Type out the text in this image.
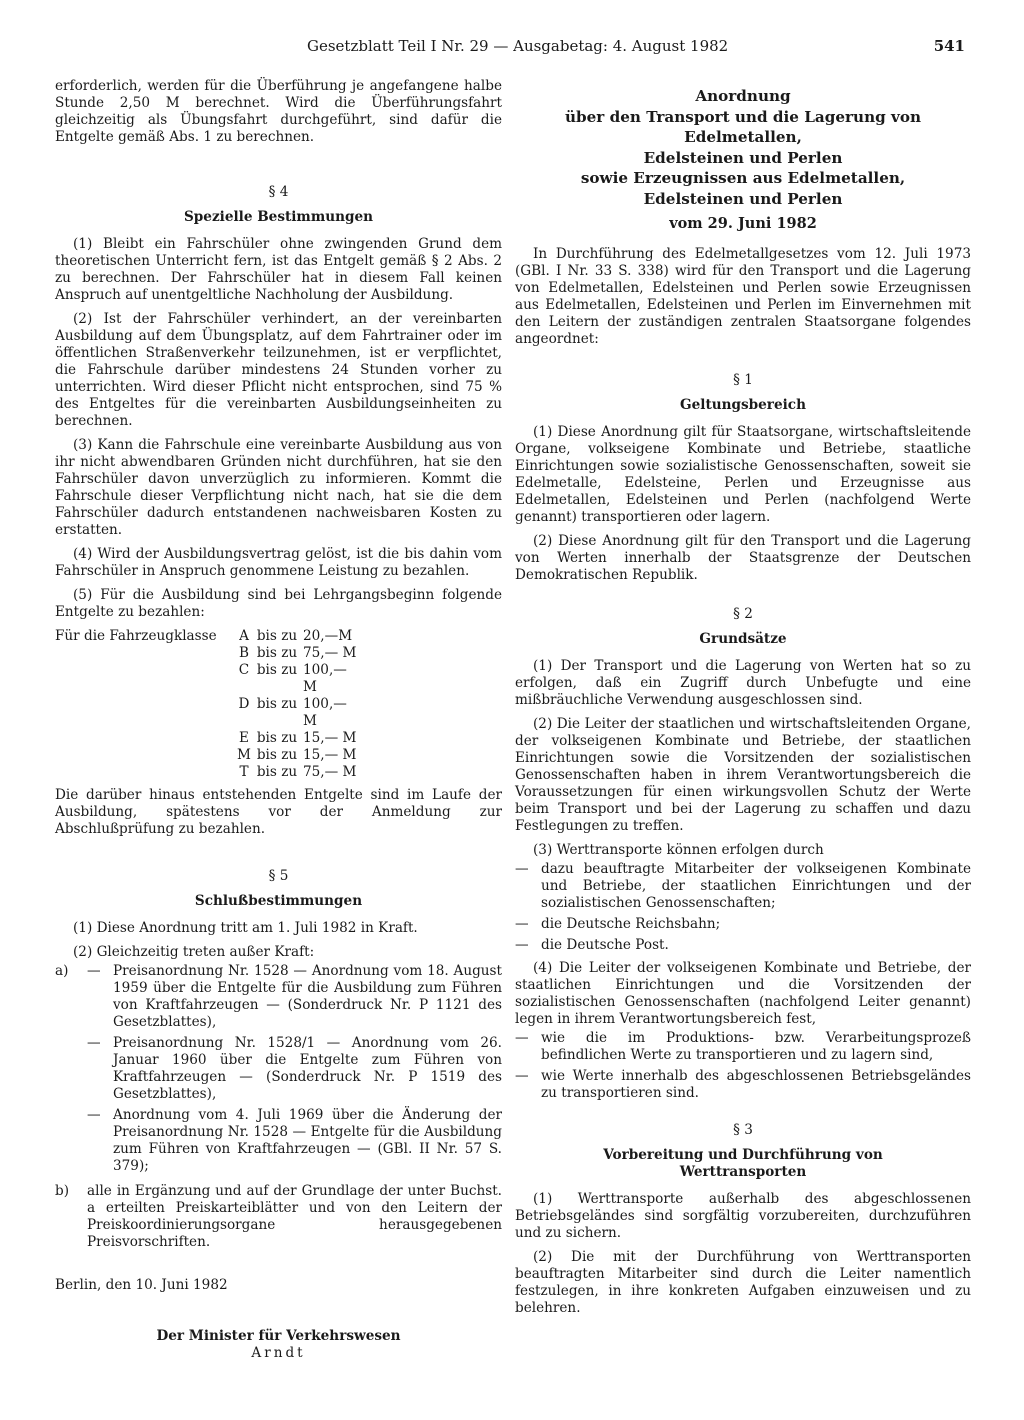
Gesetzblatt Teil I Nr. 29 — Ausgabetag: 4. August 1982	541

erforderlich, werden für die Überführung je angefangene halbe Stunde 2,50 M berechnet. Wird die Überführungsfahrt gleichzeitig als Übungsfahrt durchgeführt, sind dafür die Entgelte gemäß Abs. 1 zu berechnen.

§ 4
Spezielle Bestimmungen

(1) Bleibt ein Fahrschüler ohne zwingenden Grund dem theoretischen Unterricht fern, ist das Entgelt gemäß § 2 Abs. 2 zu berechnen. Der Fahrschüler hat in diesem Fall keinen Anspruch auf unentgeltliche Nachholung der Ausbildung.

(2) Ist der Fahrschüler verhindert, an der vereinbarten Ausbildung auf dem Übungsplatz, auf dem Fahrtrainer oder im öffentlichen Straßenverkehr teilzunehmen, ist er verpflichtet, die Fahrschule darüber mindestens 24 Stunden vorher zu unterrichten. Wird dieser Pflicht nicht entsprochen, sind 75 % des Entgeltes für die vereinbarten Ausbildungseinheiten zu berechnen.

(3) Kann die Fahrschule eine vereinbarte Ausbildung aus von ihr nicht abwendbaren Gründen nicht durchführen, hat sie den Fahrschüler davon unverzüglich zu informieren. Kommt die Fahrschule dieser Verpflichtung nicht nach, hat sie die dem Fahrschüler dadurch entstandenen nachweisbaren Kosten zu erstatten.

(4) Wird der Ausbildungsvertrag gelöst, ist die bis dahin vom Fahrschüler in Anspruch genommene Leistung zu bezahlen.

(5) Für die Ausbildung sind bei Lehrgangsbeginn folgende Entgelte zu bezahlen:

Für die Fahrzeugklasse	A	bis zu	20,—M
	B	bis zu	75,— M
	C	bis zu	100,— M
	D	bis zu	100,— M
	E	bis zu	15,— M
	M	bis zu	15,— M
	T	bis zu	75,— M

Die darüber hinaus entstehenden Entgelte sind im Laufe der Ausbildung, spätestens vor der Anmeldung zur Abschlußprüfung zu bezahlen.

§ 5
Schlußbestimmungen

(1) Diese Anordnung tritt am 1. Juli 1982 in Kraft.

(2) Gleichzeitig treten außer Kraft:

a)	— Preisanordnung Nr. 1528 — Anordnung vom 18. August 1959 über die Entgelte für die Ausbildung zum Führen von Kraftfahrzeugen — (Sonderdruck Nr. P 1121 des Gesetzblattes),
— Preisanordnung Nr. 1528/1 — Anordnung vom 26. Januar 1960 über die Entgelte zum Führen von Kraftfahrzeugen — (Sonderdruck Nr. P 1519 des Gesetzblattes),
— Anordnung vom 4. Juli 1969 über die Änderung der Preisanordnung Nr. 1528 — Entgelte für die Ausbildung zum Führen von Kraftfahrzeugen — (GBl. II Nr. 57 S. 379);
b)	alle in Ergänzung und auf der Grundlage der unter Buchst. a erteilten Preiskarteiblätter und von den Leitern der Preiskoordinierungsorgane herausgegebenen Preisvorschriften.

Berlin, den 10. Juni 1982

Der Minister für Verkehrswesen
Arndt
Anordnung
über den Transport und die Lagerung von Edelmetallen,
Edelsteinen und Perlen
sowie Erzeugnissen aus Edelmetallen,
Edelsteinen und Perlen
vom 29. Juni 1982

In Durchführung des Edelmetallgesetzes vom 12. Juli 1973 (GBl. I Nr. 33 S. 338) wird für den Transport und die Lagerung von Edelmetallen, Edelsteinen und Perlen sowie Erzeugnissen aus Edelmetallen, Edelsteinen und Perlen im Einvernehmen mit den Leitern der zuständigen zentralen Staatsorgane folgendes angeordnet:

§ 1
Geltungsbereich

(1) Diese Anordnung gilt für Staatsorgane, wirtschaftsleitende Organe, volkseigene Kombinate und Betriebe, staatliche Einrichtungen sowie sozialistische Genossenschaften, soweit sie Edelmetalle, Edelsteine, Perlen und Erzeugnisse aus Edelmetallen, Edelsteinen und Perlen (nachfolgend Werte genannt) transportieren oder lagern.

(2) Diese Anordnung gilt für den Transport und die Lagerung von Werten innerhalb der Staatsgrenze der Deutschen Demokratischen Republik.

§ 2
Grundsätze

(1) Der Transport und die Lagerung von Werten hat so zu erfolgen, daß ein Zugriff durch Unbefugte und eine mißbräuchliche Verwendung ausgeschlossen sind.

(2) Die Leiter der staatlichen und wirtschaftsleitenden Organe, der volkseigenen Kombinate und Betriebe, der staatlichen Einrichtungen sowie die Vorsitzenden der sozialistischen Genossenschaften haben in ihrem Verantwortungsbereich die Voraussetzungen für einen wirkungsvollen Schutz der Werte beim Transport und bei der Lagerung zu schaffen und dazu Festlegungen zu treffen.

(3) Werttransporte können erfolgen durch

— dazu beauftragte Mitarbeiter der volkseigenen Kombinate und Betriebe, der staatlichen Einrichtungen und der sozialistischen Genossenschaften;
— die Deutsche Reichsbahn;
— die Deutsche Post.

(4) Die Leiter der volkseigenen Kombinate und Betriebe, der staatlichen Einrichtungen und die Vorsitzenden der sozialistischen Genossenschaften (nachfolgend Leiter genannt) legen in ihrem Verantwortungsbereich fest,

— wie die im Produktions- bzw. Verarbeitungsprozeß befindlichen Werte zu transportieren und zu lagern sind,
— wie Werte innerhalb des abgeschlossenen Betriebsgeländes zu transportieren sind.
§ 3
Vorbereitung und Durchführung von
Werttransporten

(1) Werttransporte außerhalb des abgeschlossenen Betriebsgeländes sind sorgfältig vorzubereiten, durchzuführen und zu sichern.

(2) Die mit der Durchführung von Werttransporten beauftragten Mitarbeiter sind durch die Leiter namentlich festzulegen, in ihre konkreten Aufgaben einzuweisen und zu belehren.
